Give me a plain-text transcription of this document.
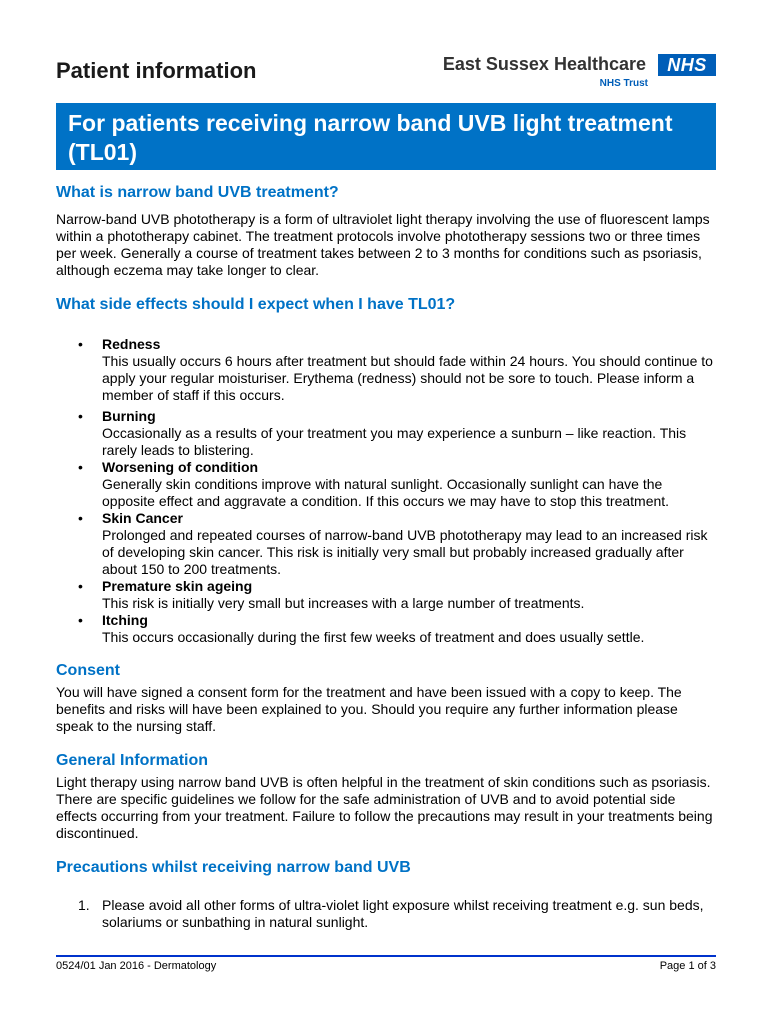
Patient information	East Sussex Healthcare
NHS Trust
NHS
For patients receiving narrow band UVB light treatment (TL01)
What is narrow band UVB treatment?

Narrow-band UVB phototherapy is a form of ultraviolet light therapy involving the use of fluorescent lamps within a phototherapy cabinet. The treatment protocols involve phototherapy sessions two or three times per week. Generally a course of treatment takes between 2 to 3 months for conditions such as psoriasis, although eczema may take longer to clear.

What side effects should I expect when I have TL01?
• Redness
This usually occurs 6 hours after treatment but should fade within 24 hours. You should continue to apply your regular moisturiser. Erythema (redness) should not be sore to touch. Please inform a member of staff if this occurs.
• Burning
Occasionally as a results of your treatment you may experience a sunburn – like reaction. This rarely leads to blistering.
• Worsening of condition
Generally skin conditions improve with natural sunlight. Occasionally sunlight can have the opposite effect and aggravate a condition. If this occurs we may have to stop this treatment.
• Skin Cancer
Prolonged and repeated courses of narrow-band UVB phototherapy may lead to an increased risk of developing skin cancer. This risk is initially very small but probably increased gradually after about 150 to 200 treatments.
• Premature skin ageing
This risk is initially very small but increases with a large number of treatments.
• Itching
This occurs occasionally during the first few weeks of treatment and does usually settle.
Consent

You will have signed a consent form for the treatment and have been issued with a copy to keep. The benefits and risks will have been explained to you. Should you require any further information please speak to the nursing staff.

General Information

Light therapy using narrow band UVB is often helpful in the treatment of skin conditions such as psoriasis. There are specific guidelines we follow for the safe administration of UVB and to avoid potential side effects occurring from your treatment. Failure to follow the precautions may result in your treatments being discontinued.

Precautions whilst receiving narrow band UVB
1. Please avoid all other forms of ultra-violet light exposure whilst receiving treatment e.g. sun beds, solariums or sunbathing in natural sunlight.
0524/01 Jan 2016 - Dermatology	Page 1 of 3
